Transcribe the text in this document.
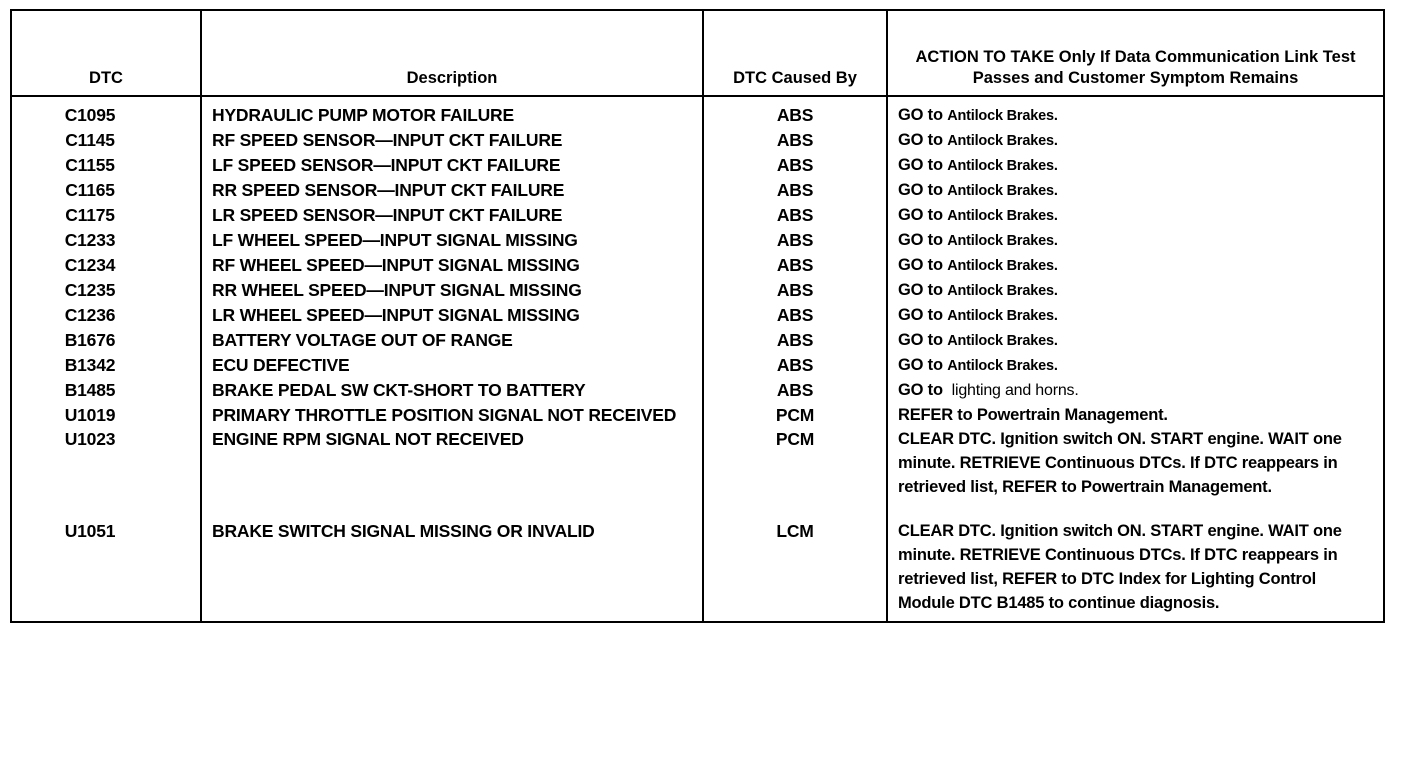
DTC	Description	DTC Caused By	ACTION TO TAKE Only If Data Communication Link Test Passes and Customer Symptom Remains
C1095	HYDRAULIC PUMP MOTOR FAILURE	ABS	GO to Antilock Brakes.
C1145	RF SPEED SENSOR—INPUT CKT FAILURE	ABS	GO to Antilock Brakes.
C1155	LF SPEED SENSOR—INPUT CKT FAILURE	ABS	GO to Antilock Brakes.
C1165	RR SPEED SENSOR—INPUT CKT FAILURE	ABS	GO to Antilock Brakes.
C1175	LR SPEED SENSOR—INPUT CKT FAILURE	ABS	GO to Antilock Brakes.
C1233	LF WHEEL SPEED—INPUT SIGNAL MISSING	ABS	GO to Antilock Brakes.
C1234	RF WHEEL SPEED—INPUT SIGNAL MISSING	ABS	GO to Antilock Brakes.
C1235	RR WHEEL SPEED—INPUT SIGNAL MISSING	ABS	GO to Antilock Brakes.
C1236	LR WHEEL SPEED—INPUT SIGNAL MISSING	ABS	GO to Antilock Brakes.
B1676	BATTERY VOLTAGE OUT OF RANGE	ABS	GO to Antilock Brakes.
B1342	ECU DEFECTIVE	ABS	GO to Antilock Brakes.
B1485	BRAKE PEDAL SW CKT-SHORT TO BATTERY	ABS	GO to lighting and horns.
U1019	PRIMARY THROTTLE POSITION SIGNAL NOT RECEIVED	PCM	REFER to Powertrain Management.
U1023	ENGINE RPM SIGNAL NOT RECEIVED	PCM	CLEAR DTC. Ignition switch ON. START engine. WAIT one minute. RETRIEVE Continuous DTCs. If DTC reappears in retrieved list, REFER to Powertrain Management.
U1051	BRAKE SWITCH SIGNAL MISSING OR INVALID	LCM	CLEAR DTC. Ignition switch ON. START engine. WAIT one minute. RETRIEVE Continuous DTCs. If DTC reappears in retrieved list, REFER to DTC Index for Lighting Control Module DTC B1485 to continue diagnosis.
